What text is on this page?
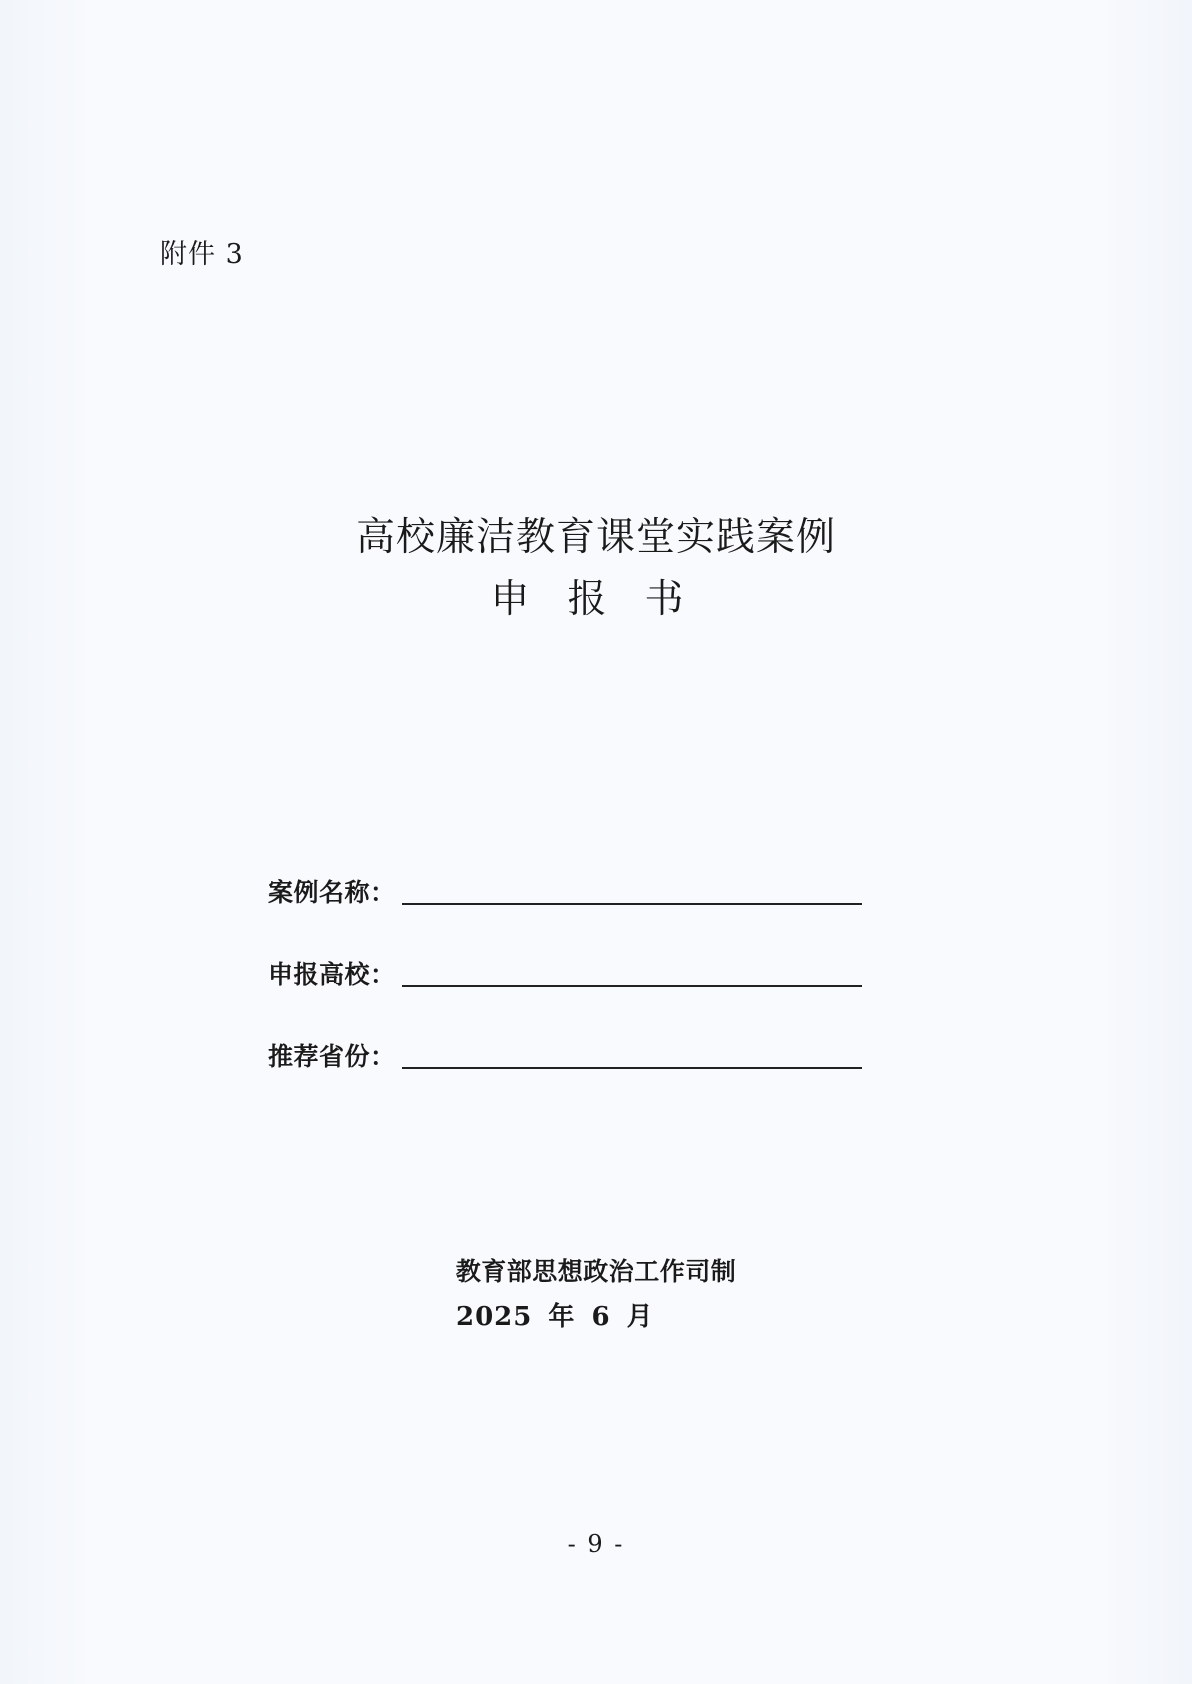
附件 3
高校廉洁教育课堂实践案例
申报书
案例名称：
申报高校：
推荐省份：
教育部思想政治工作司制
2025 年 6 月
- 9 -
